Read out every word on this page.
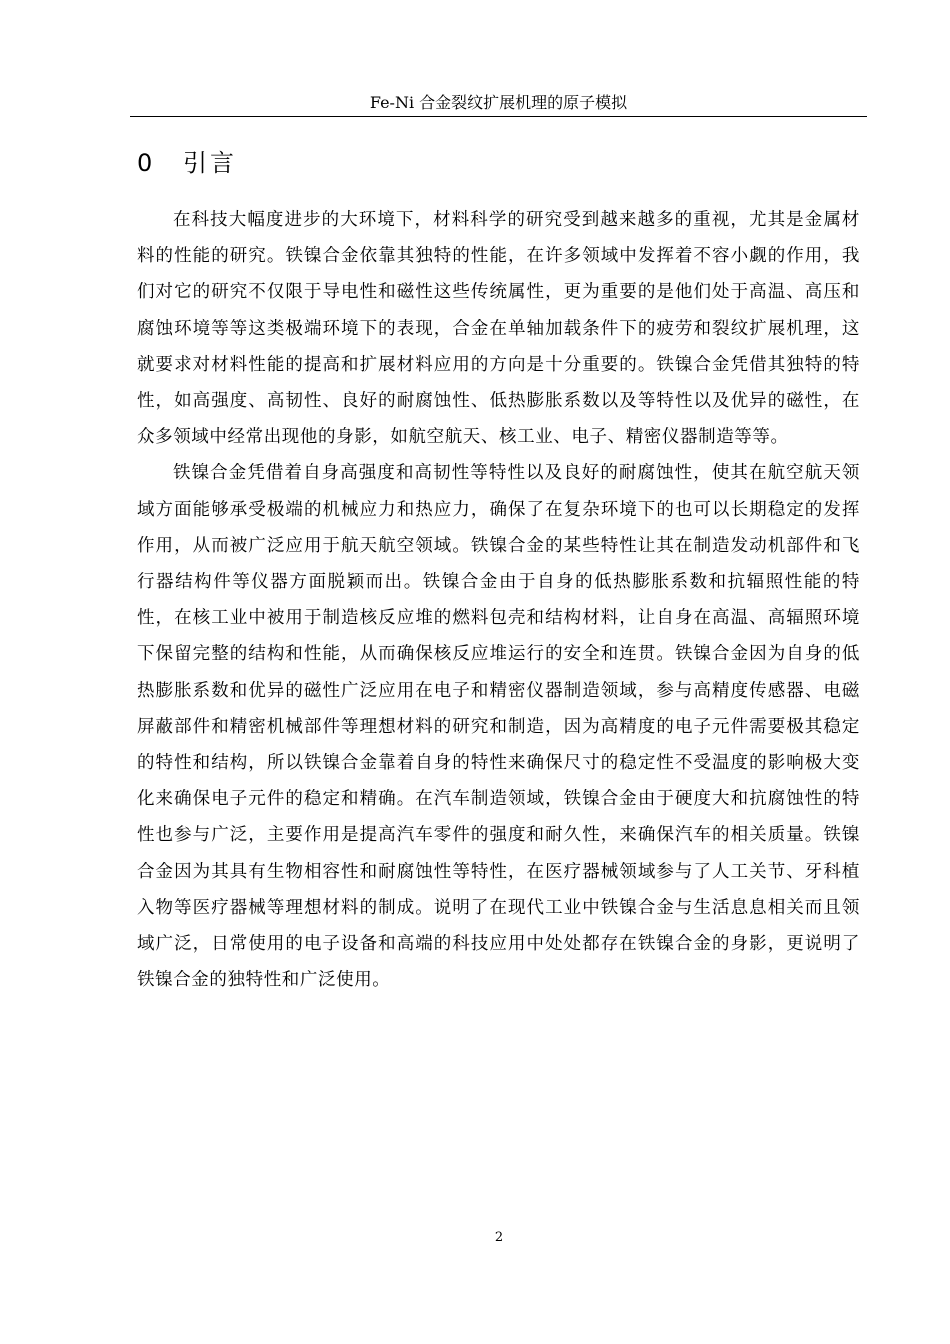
Fe-Ni 合金裂纹扩展机理的原子模拟
0 引言

在科技大幅度进步的大环境下，材料科学的研究受到越来越多的重视，尤其是金属材料的性能的研究。铁镍合金依靠其独特的性能，在许多领域中发挥着不容小觑的作用，我们对它的研究不仅限于导电性和磁性这些传统属性，更为重要的是他们处于高温、高压和腐蚀环境等等这类极端环境下的表现，合金在单轴加载条件下的疲劳和裂纹扩展机理，这就要求对材料性能的提高和扩展材料应用的方向是十分重要的。铁镍合金凭借其独特的特性，如高强度、高韧性、良好的耐腐蚀性、低热膨胀系数以及等特性以及优异的磁性，在众多领域中经常出现他的身影，如航空航天、核工业、电子、精密仪器制造等等。

铁镍合金凭借着自身高强度和高韧性等特性以及良好的耐腐蚀性，使其在航空航天领域方面能够承受极端的机械应力和热应力，确保了在复杂环境下的也可以长期稳定的发挥作用，从而被广泛应用于航天航空领域。铁镍合金的某些特性让其在制造发动机部件和飞行器结构件等仪器方面脱颖而出。铁镍合金由于自身的低热膨胀系数和抗辐照性能的特性，在核工业中被用于制造核反应堆的燃料包壳和结构材料，让自身在高温、高辐照环境下保留完整的结构和性能，从而确保核反应堆运行的安全和连贯。铁镍合金因为自身的低热膨胀系数和优异的磁性广泛应用在电子和精密仪器制造领域，参与高精度传感器、电磁屏蔽部件和精密机械部件等理想材料的研究和制造，因为高精度的电子元件需要极其稳定的特性和结构，所以铁镍合金靠着自身的特性来确保尺寸的稳定性不受温度的影响极大变化来确保电子元件的稳定和精确。在汽车制造领域，铁镍合金由于硬度大和抗腐蚀性的特性也参与广泛，主要作用是提高汽车零件的强度和耐久性，来确保汽车的相关质量。铁镍合金因为其具有生物相容性和耐腐蚀性等特性，在医疗器械领域参与了人工关节、牙科植入物等医疗器械等理想材料的制成。说明了在现代工业中铁镍合金与生活息息相关而且领域广泛，日常使用的电子设备和高端的科技应用中处处都存在铁镍合金的身影，更说明了铁镍合金的独特性和广泛使用。

2
